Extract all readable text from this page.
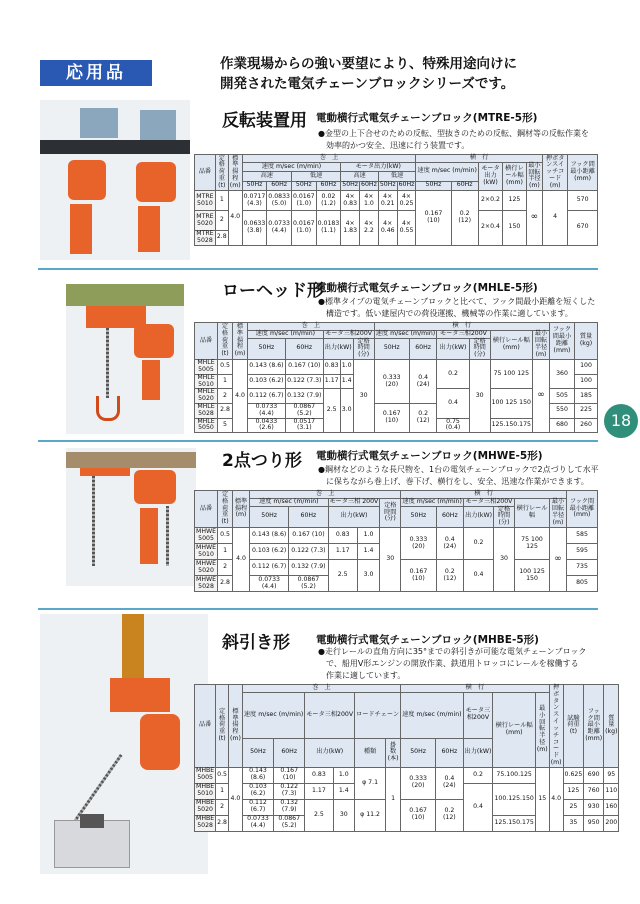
応用品	作業現場からの強い要望により、特殊用途向けに
開発された電気チェーンブロックシリーズです。
反転装置用 電動横行式電気チェーンブロック(MTRE-5形)
●金型の上下合せのための反転、型抜きのための反転、鋼材等の反転作業を
効率的かつ安全、迅速に行う装置です。
品番	定格荷重(t)	標準揚程(m)	巻　上								横　行					押ボタンスイッチコード(m)	フック間最小距離(mm)
			速度 m/sec (m/min)				モータ出力(kW)				速度 m/sec (m/min)		モータ出力(kW)	横行レール幅(mm)	最小回転半径(m)		
			高速		低速		高速		低速								
			50Hz	60Hz	50Hz	60Hz	50Hz	60Hz	50Hz	60Hz	50Hz	60Hz					
MTRE 5010	1	4.0	0.0717 (4.3)	0.0833 (5.0)	0.0167 (1.0)	0.02 (1.2)	4× 0.83	4× 1.0	4× 0.21	4× 0.25	0.167 (10)	0.2 (12)	2×0.2	125	∞	4	570
MTRE 5020	2		0.0633 (3.8)	0.0733 (4.4)	0.0167 (1.0)	0.0183 (1.1)	4× 1.83	4× 2.2	4× 0.46	4× 0.55			2×0.4	150			670
MTRE 5028	2.8																
ローヘッド形
電動横行式電気チェーンブロック(MHLE-5形)
●標準タイプの電気チェーンブロックと比べて、フック間最小距離を短くした
構造です。低い建屋内での荷役運搬、機械等の作業に適しています。
品番	定格荷重(t)	標準揚程(m)	巻　上					横　行						フック間最小距離(mm)	質量(kg)
			速度 m/sec (m/min)		モータ三相200V			速度 m/sec (m/min)		モータ三相200V		横行レール幅(mm)	最小回転半径(m)		
			50Hz	60Hz	出力(kW)		定格時間(分)	50Hz	60Hz	出力(kW)	定格時間(分)				
MHLE 5005	0.5	4.0	0.143 (8.6)	0.167 (10)	0.83	1.0	30	0.333 (20)	0.4 (24)	0.2	30	75 100 125	∞	360	100
MHLE 5010	1		0.103 (6.2)	0.122 (7.3)	1.17	1.4									100
MHLE 5020	2		0.112 (6.7)	0.132 (7.9)	2.5	3.0				0.4		100 125 150		505	185
MHLE 5028	2.8		0.0733 (4.4)	0.0867 (5.2)				0.167 (10)	0.2 (12)					550	225
MHLE 5050	5		0.0433 (2.6)	0.0517 (3.1)						0.75 (0.4)		125.150.175		680	260	18
2点つり形 電動横行式電気チェーンブロック(MHWE-5形)
●鋼材などのような長尺物を、1台の電気チェーンブロックで2点づりして水平
に保ちながら巻上げ、巻下げ、横行をし、安全、迅速な作業ができます。
品番	定格荷重(t)	標準揚程(m)	巻　上					横　行						フック間最小距離(mm)
			速度 m/sec (m/min)		モータ三相 200V		定格時間(分)	速度 m/sec (m/min)		モータ三相200V		横行レール幅	最小回転半径(m)	
			50Hz	60Hz	出力(kW)			50Hz	60Hz	出力(kW)	定格時間(分)			
MHWE 5005	0.5	4.0	0.143 (8.6)	0.167 (10)	0.83	1.0	30	0.333 (20)	0.4 (24)	0.2	30	75 100 125	∞	585
MHWE 5010	1		0.103 (6.2)	0.122 (7.3)	1.17	1.4								595
MHWE 5020	2		0.112 (6.7)	0.132 (7.9)	2.5	3.0		0.167 (10)	0.2 (12)	0.4		100 125 150		735
MHWE 5028	2.8		0.0733 (4.4)	0.0867 (5.2)										805
斜引き形 電動横行式電気チェーンブロック(MHBE-5形)
●走行レールの直角方向に35°までの斜引きが可能な電気チェーンブロック
で、船用V形エンジンの開放作業、鉄道用トロッコにレールを稼働する
作業に適しています。
品番	定格荷重(t)	標準揚程(m)	巻　上						横　行					押ボタンスイッチコード(m)	試験荷重(t)	フック間最小距離(mm)	質量(kg)
			速度 m/sec (m/min)		モータ三相200V		ロードチェーン		速度 m/sec (m/min)		モータ三相200V	横行レール幅(mm)	最小回転半径(m)				
			50Hz	60Hz	出力(kW)		種類	掛数(本)	50Hz	60Hz	出力(kW)						
MHBE 5005	0.5	4.0	0.143 (8.6)	0.167 (10)	0.83	1.0	φ 7.1	1	0.333 (20)	0.4 (24)	0.2	75.100.125	15	4.0	0.625	690	95
MHBE 5010	1		0.103 (6.2)	0.122 (7.3)	1.17	1.4					0.4	100.125.150			125	760	110
MHBE 5020	2		0.112 (6.7)	0.132 (7.9)	2.5	30	φ 11.2		0.167 (10)	0.2 (12)					25	930	160
MHBE 5028	2.8		0.0733 (4.4)	0.0867 (5.2)								125.150.175			35	950	200
